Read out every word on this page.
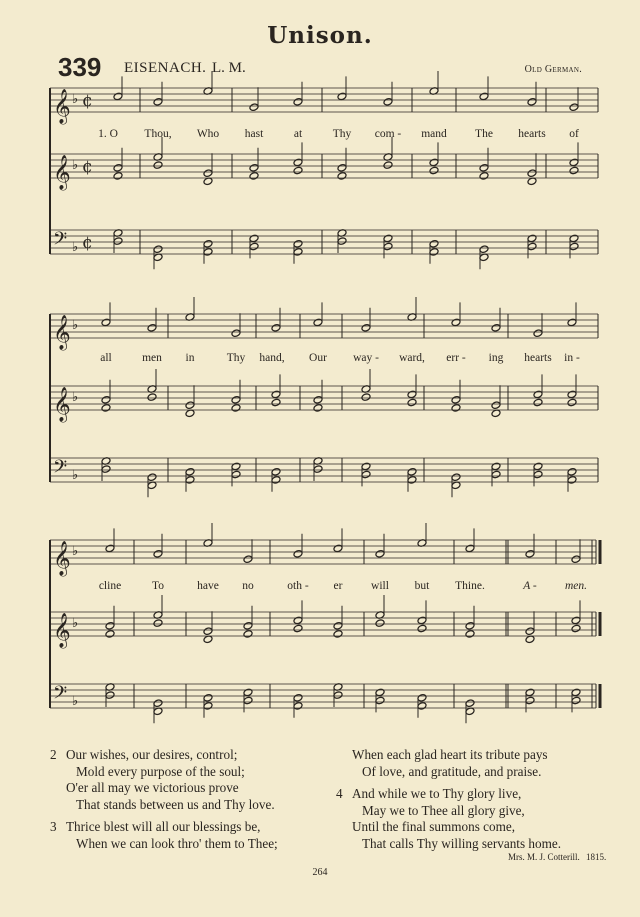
Unison.
339 EISENACH. L. M.	Old German.
𝄞 ♭ ¢
𝄞 ♭ ¢
𝄢 ♭ ¢
𝄞 ♭
𝄞 ♭
𝄢 ♭
𝄞 ♭
𝄞 ♭
𝄢 ♭
1. O Thou, Who hast	at	Thy com - mand The hearts of
all	men in	Thy hand, Our way - ward, err - ing hearts in -
cline	To	have no	oth - er will but Thine.	A - men.
2 Our wishes, our desires, control;
Mold every purpose of the soul;
O'er all may we victorious prove
That stands between us and Thy love.
3 Thrice blest will all our blessings be,
When we can look thro' them to Thee;
When each glad heart its tribute pays
Of love, and gratitude, and praise.
4 And while we to Thy glory live,
May we to Thee all glory give,
Until the final summons come,
That calls Thy willing servants home.
Mrs. M. J. Cotterill. 1815.
264
